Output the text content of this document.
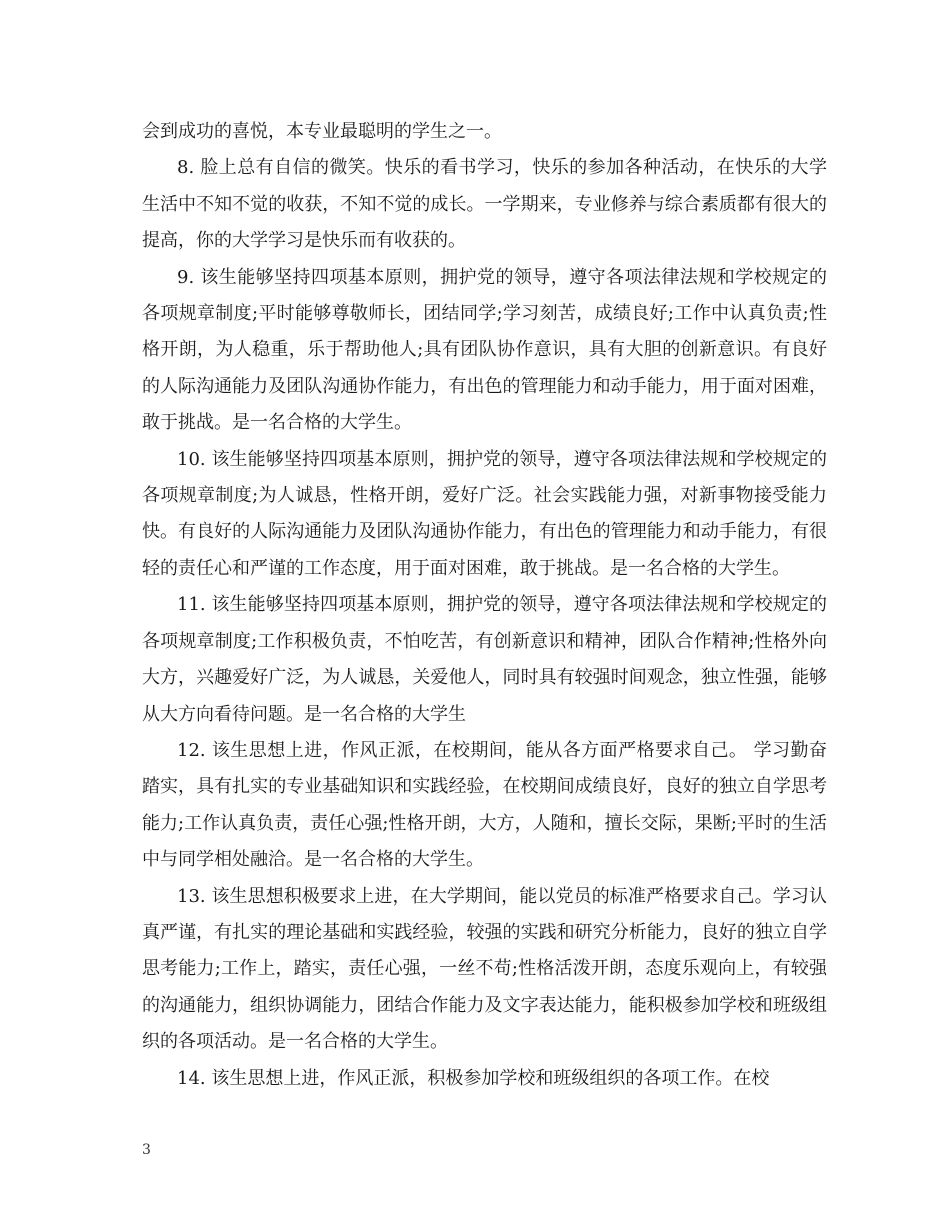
会到成功的喜悦，本专业最聪明的学生之一。

8. 脸上总有自信的微笑。快乐的看书学习，快乐的参加各种活动，在快乐的大学生活中不知不觉的收获，不知不觉的成长。一学期来，专业修养与综合素质都有很大的提高，你的大学学习是快乐而有收获的。

9. 该生能够坚持四项基本原则，拥护党的领导，遵守各项法律法规和学校规定的各项规章制度;平时能够尊敬师长，团结同学;学习刻苦，成绩良好;工作中认真负责;性格开朗，为人稳重，乐于帮助他人;具有团队协作意识，具有大胆的创新意识。有良好的人际沟通能力及团队沟通协作能力，有出色的管理能力和动手能力，用于面对困难，敢于挑战。是一名合格的大学生。

10. 该生能够坚持四项基本原则，拥护党的领导，遵守各项法律法规和学校规定的各项规章制度;为人诚恳，性格开朗，爱好广泛。社会实践能力强，对新事物接受能力快。有良好的人际沟通能力及团队沟通协作能力，有出色的管理能力和动手能力，有很轻的责任心和严谨的工作态度，用于面对困难，敢于挑战。是一名合格的大学生。

11. 该生能够坚持四项基本原则，拥护党的领导，遵守各项法律法规和学校规定的各项规章制度;工作积极负责，不怕吃苦，有创新意识和精神，团队合作精神;性格外向大方，兴趣爱好广泛，为人诚恳，关爱他人，同时具有较强时间观念，独立性强，能够从大方向看待问题。是一名合格的大学生

12. 该生思想上进，作风正派，在校期间，能从各方面严格要求自己。 学习勤奋踏实，具有扎实的专业基础知识和实践经验，在校期间成绩良好，良好的独立自学思考能力;工作认真负责，责任心强;性格开朗，大方，人随和，擅长交际，果断;平时的生活中与同学相处融洽。是一名合格的大学生。

13. 该生思想积极要求上进，在大学期间，能以党员的标准严格要求自己。学习认真严谨，有扎实的理论基础和实践经验，较强的实践和研究分析能力，良好的独立自学思考能力;工作上，踏实，责任心强，一丝不苟;性格活泼开朗，态度乐观向上，有较强的沟通能力，组织协调能力，团结合作能力及文字表达能力，能积极参加学校和班级组织的各项活动。是一名合格的大学生。

14. 该生思想上进，作风正派，积极参加学校和班级组织的各项工作。在校

3
